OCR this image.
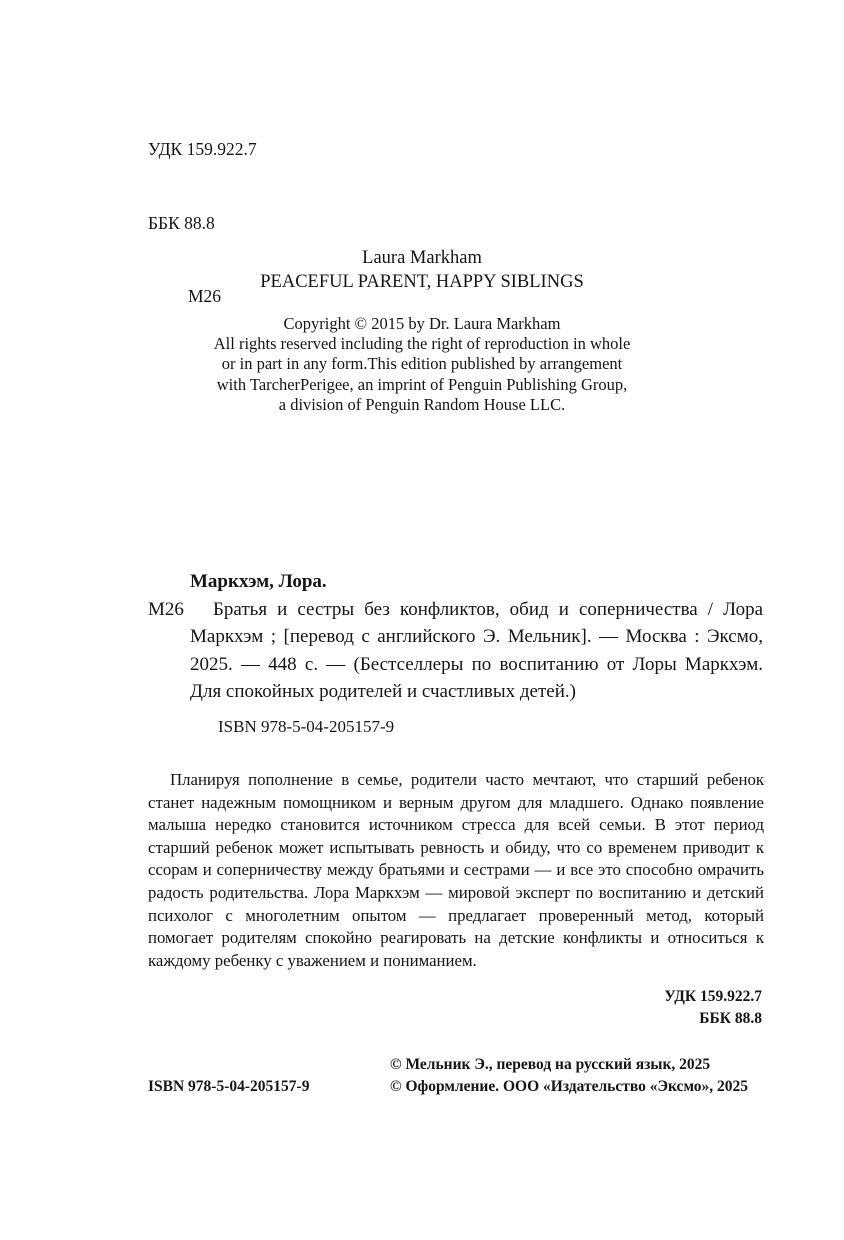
УДК 159.922.7

ББК 88.8

М26

Laura Markham
PEACEFUL PARENT, HAPPY SIBLINGS
Copyright © 2015 by Dr. Laura Markham
All rights reserved including the right of reproduction in whole
or in part in any form.This edition published by arrangement
with TarcherPerigee, an imprint of Penguin Publishing Group,
a division of Penguin Random House LLC.
Маркхэм, Лора.
М26	Братья и сестры без конфликтов, обид и соперничества / Лора Маркхэм ; [перевод с английского Э. Мельник]. — Москва : Эксмо, 2025. — 448 с. — (Бестселлеры по воспитанию от Лоры Маркхэм. Для спокойных родителей и счастливых детей.)
ISBN 978-5-04-205157-9
Планируя пополнение в семье, родители часто мечтают, что старший ребенок станет надежным помощником и верным другом для младшего. Однако появление малыша нередко становится источником стресса для всей семьи. В этот период старший ребенок может испытывать ревность и обиду, что со временем приводит к ссорам и соперничеству между братьями и сестрами — и все это способно омрачить радость родительства. Лора Маркхэм — мировой эксперт по воспитанию и детский психолог с многолетним опытом — предлагает проверенный метод, который помогает родителям спокойно реагировать на детские конфликты и относиться к каждому ребенку с уважением и пониманием.
УДК 159.922.7
ББК 88.8
© Мельник Э., перевод на русский язык, 2025
© Оформление. ООО «Издательство «Эксмо», 2025
ISBN 978-5-04-205157-9
